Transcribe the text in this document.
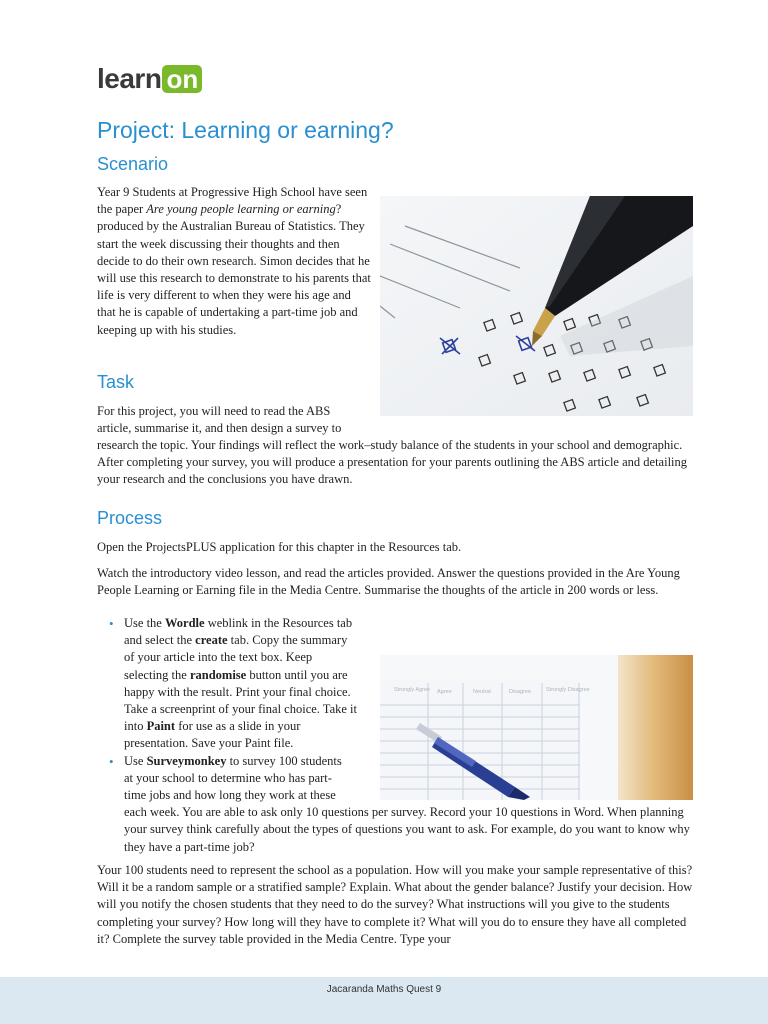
learn on
Project: Learning or earning?
Scenario

Year 9 Students at Progressive High School have seen the paper Are young people learning or earning? produced by the Australian Bureau of Statistics. They start the week discussing their thoughts and then decide to do their own research. Simon decides that he will use this research to demonstrate to his parents that life is very different to when they were his age and that he is capable of undertaking a part-time job and keeping up with his studies.

Task

For this project, you will need to read the ABS article, summarise it, and then design a survey to

research the topic. Your findings will reflect the work–study balance of the students in your school and demographic. After completing your survey, you will produce a presentation for your parents outlining the ABS article and detailing your research and the conclusions you have drawn.

Process

Open the ProjectsPLUS application for this chapter in the Resources tab.

Watch the introductory video lesson, and read the articles provided. Answer the questions provided in the Are Young People Learning or Earning file in the Media Centre. Summarise the thoughts of the article in 200 words or less.

• Use the Wordle weblink in the Resources tab and select the create tab. Copy the summary of your article into the text box. Keep selecting the randomise button until you are happy with the result. Print your final choice. Take a screenprint of your final choice. Take it into Paint for use as a slide in your presentation. Save your Paint file.
• Use Surveymonkey to survey 100 students at your school to determine who has part-time jobs and how long they work at these
each week. You are able to ask only 10 questions per survey. Record your 10 questions in Word. When planning your survey think carefully about the types of questions you want to ask. For example, do you want to know why they have a part-time job?
Strongly Agree Agree	Neutral	Disagree	Strongly Disagree

Your 100 students need to represent the school as a population. How will you make your sample representative of this? Will it be a random sample or a stratified sample? Explain. What about the gender balance? Justify your decision. How will you notify the chosen students that they need to do the survey? What instructions will you give to the students completing your survey? How long will they have to complete it? What will you do to ensure they have all completed it? Complete the survey table provided in the Media Centre. Type your

Jacaranda Maths Quest 9
